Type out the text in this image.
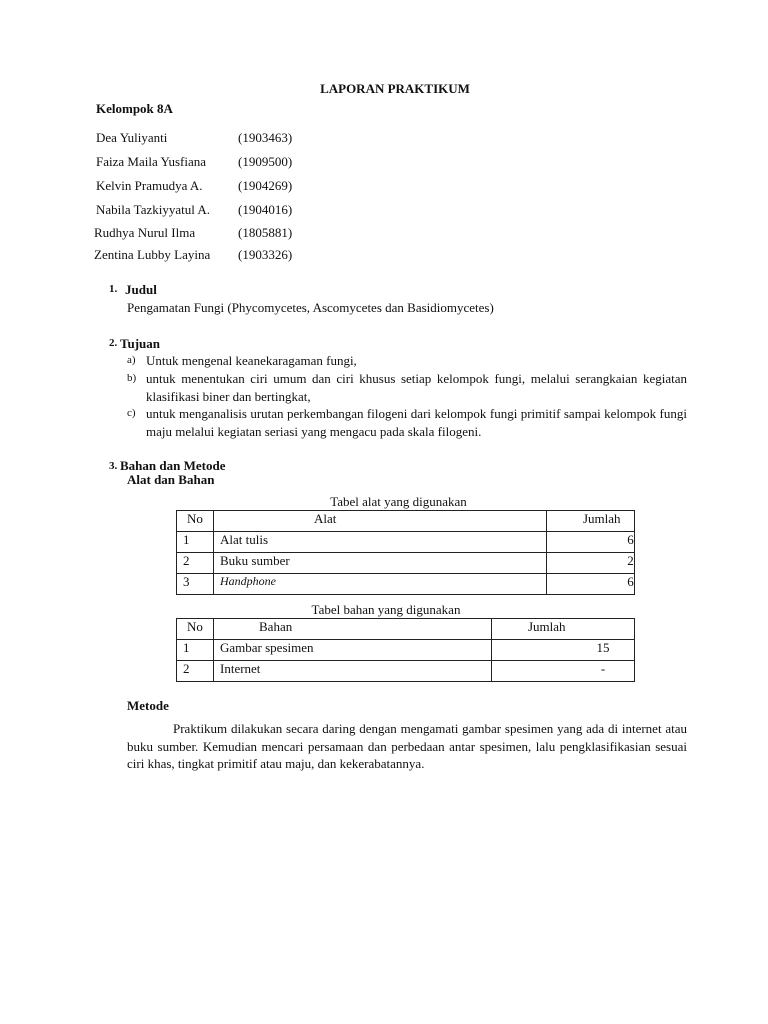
LAPORAN PRAKTIKUM
Kelompok 8A
Dea Yuliyanti	(1903463)
Faiza Maila Yusfiana (1909500)
Kelvin Pramudya A.	(1904269)
Nabila Tazkiyyatul A. (1904016)
Rudhya Nurul Ilma	(1805881)
Zentina Lubby Layina (1903326)
1. Judul
Pengamatan Fungi (Phycomycetes, Ascomycetes dan Basidiomycetes)
2. Tujuan
a) Untuk mengenal keanekaragaman fungi,
b) untuk menentukan ciri umum dan ciri khusus setiap kelompok fungi, melalui serangkaian kegiatan klasifikasi biner dan bertingkat,
c) untuk menganalisis urutan perkembangan filogeni dari kelompok fungi primitif sampai kelompok fungi maju melalui kegiatan seriasi yang mengacu pada skala filogeni.
3. Bahan dan Metode
Alat dan Bahan
Tabel alat yang digunakan
No	Alat	Jumlah
1	Alat tulis	6
2	Buku sumber	2
3	Handphone	6
Tabel bahan yang digunakan
No	Bahan	Jumlah
1	Gambar spesimen	15
2	Internet	-
Metode
Praktikum dilakukan secara daring dengan mengamati gambar spesimen yang ada di internet atau buku sumber. Kemudian mencari persamaan dan perbedaan antar spesimen, lalu pengklasifikasian sesuai ciri khas, tingkat primitif atau maju, dan kekerabatannya.
